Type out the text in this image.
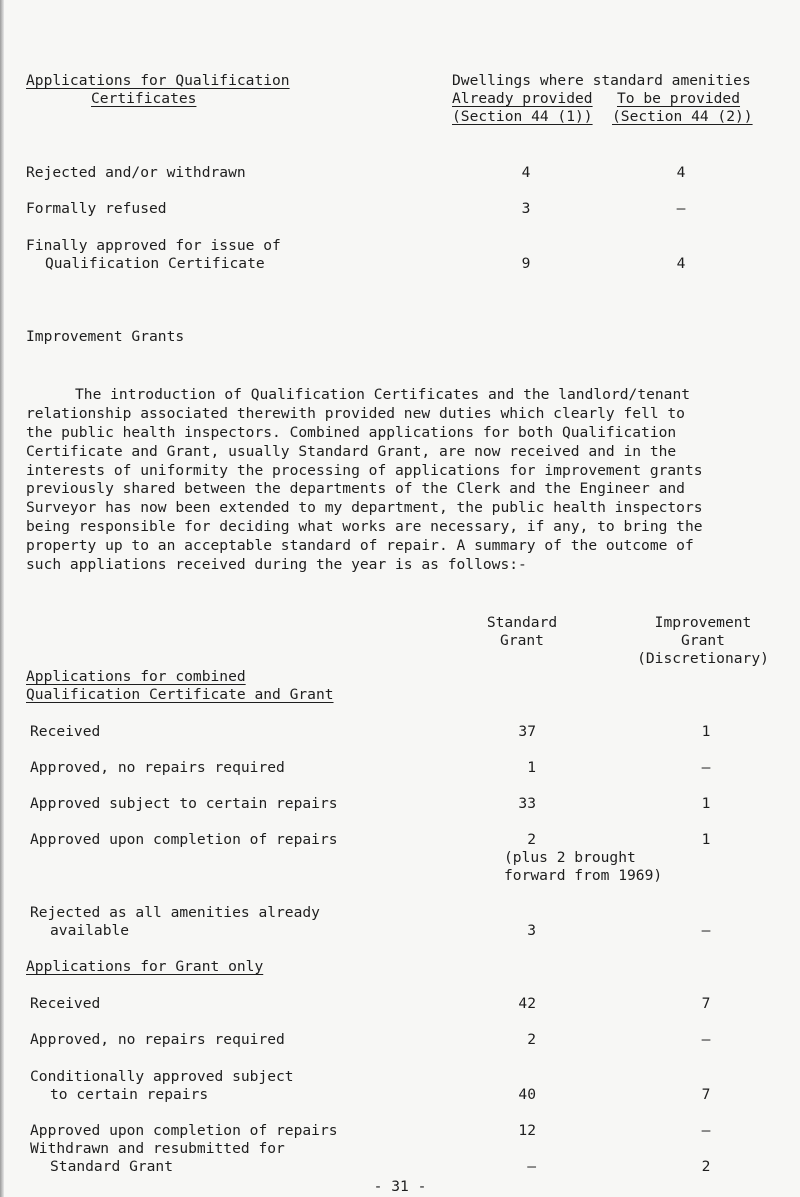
Applications for Qualification
Certificates
Dwellings where standard amenities
Already provided
(Section 44 (1))
To be provided
(Section 44 (2))
Rejected and/or withdrawn	4	4
Formally refused	3	–
Finally approved for issue of
Qualification Certificate	9	4
Improvement Grants
The introduction of Qualification Certificates and the landlord/tenant
relationship associated therewith provided new duties which clearly fell to
the public health inspectors. Combined applications for both Qualification
Certificate and Grant, usually Standard Grant, are now received and in the
interests of uniformity the processing of applications for improvement grants
previously shared between the departments of the Clerk and the Engineer and
Surveyor has now been extended to my department, the public health inspectors
being responsible for deciding what works are necessary, if any, to bring the
property up to an acceptable standard of repair. A summary of the outcome of
such appliations received during the year is as follows:-
Standard
Grant
Improvement
Grant
(Discretionary)
Applications for combined
Qualification Certificate and Grant
Received	37	1
Approved, no repairs required	1	–
Approved subject to certain repairs	33	1
Approved upon completion of repairs	2	1
(plus 2 brought
forward from 1969)
Rejected as all amenities already
available	3	–
Applications for Grant only
Received	42	7
Approved, no repairs required	2	–
Conditionally approved subject
to certain repairs	40	7
Approved upon completion of repairs	12	–
Withdrawn and resubmitted for
- 31 -
Standard Grant	–	2
